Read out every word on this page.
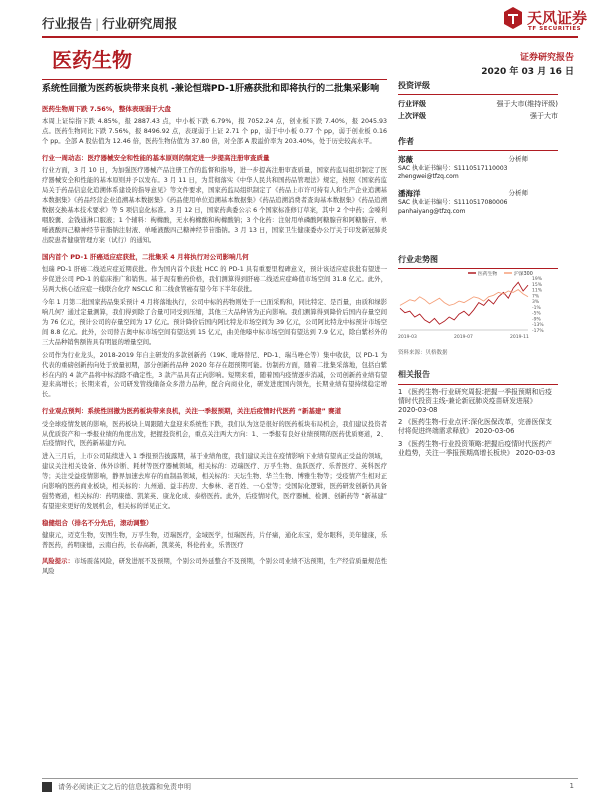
行业报告 | 行业研究周报	天风证券
TF SECURITIES
医药生物	证券研究报告
2020 年 03 月 16 日
系统性回撤为医药板块带来良机 -兼论恒瑞PD-1肝癌获批和即将执行的二批集采影响
医药生物周下跌 7.56%，整体表现弱于大盘
本周上证综指下跌 4.85%，报 2887.43 点，中小板下跌 6.79%，报 7052.24 点，创业板下跌 7.40%，报 2045.93 点。医药生物同比下跌 7.56%，报 8496.92 点，表现弱于上证 2.71 个 pp，弱于中小板 0.77 个 pp，弱于创业板 0.16 个 pp。全部 A 股估值为 12.46 倍，医药生物估值为 37.80 倍，对全部 A 股溢价率为 203.40%，处于历史较高水平。
行业一周动态：医疗器械安全和性能的基本原则的制定进一步提高注册审查质量
行业方面，3 月 10 日，为加强医疗器械产品注册工作的监督和指导，进一步提高注册审查质量，国家药监局组织制定了医疗器械安全和性能的基本原则并予以发布。3 月 11 日，为贯彻落实《中华人民共和国药品管理法》规定，按照《国家药监局关于药品信息化追溯体系建设的指导意见》等文件要求，国家药监局组织制定了《药品上市许可持有人和生产企业追溯基本数据集》《药品经营企业追溯基本数据集》《药品使用单位追溯基本数据集》《药品追溯消费者查询基本数据集》《药品追溯数据交换基本技术要求》等 5 项信息化标准。3 月 12 日，国家药典委公示 6 个国家标准修订草案，其中 2 个中药；金嗓利咽胶囊、金钱通淋口服液；1 个辅料：枸橼酸，无水枸橼酸和枸橼酸钠；3 个化药：注射用单磷酸阿糖腺苷和阿糖腺苷、单唾液酸四己糖神经节苷脂钠注射液、单唾液酸四己糖神经节苷脂钠。3 月 13 日，国家卫生健康委办公厅关于印发新冠肺炎出院患者健康管理方案（试行）的通知。
国内首个 PD-1 肝癌适应症获批，二批集采 4 月将执行对公司影响几何
恒瑞 PD-1 肝癌二线适应症近期获批。作为国内首个获批 HCC 的 PD-1 具有重要里程碑意义，预计该适应症获批有望进一步促进公司 PD-1 的临床推广和销售。基于现有雅药价格，我们测算得到肝癌二线适应症峰值市场空间 31.8 亿元。此外，另两大核心适应症一线联合化疗 NSCLC 和二线食管癌有望今年下半年获批。
今年 1 月第二批国家药品集采预计 4 月将落地执行，公司中标的药物则处于一已面采购和，同比特定、是百量，由质和绿影响几何？通过定量测算，我们得到除了合量可同受到压缩，其他三大品种皆为正向影响。我们测算得到降价后国内存量空间为 76 亿元，预计公司的存量空间为 17 亿元。预计降价后国内阿比特龙市场空间为 39 亿元，公司阿比特龙中标预计市场空间 8.8 亿元。此外，公司替吉奥中标市场空间有望达到 15 亿元，曲美他嗪中标市场空间有望达到 7.9 亿元，除白紫杉外的三大品种销售额皆具有明显的增量空间。
公司作为行业龙头，2018-2019 年自主研发的多款创新药（19K、吡咯替尼、PD-1、瑞马唑仑等）集中收获，以 PD-1 为代表的重磅创新药向处于放量初期，部分创新药品种 2020 年存在超预期可能。仿制药方面，随着二批集采落地，包括白紫杉在内的 4 款产品将中标消除不确定性，3 款产品具有正向影响。短期来看，随着国内疫情逐步消减，公司创新药业绩有望迎来高增长；长期来看，公司研发管线储备众多潜力品种，配合向商业化，研发进度国内领先，长期业绩有望持续稳定增长。
行业观点预判：系统性回撤为医药板块带来良机，关注一季报预期，关注后疫情时代医药 “新基建” 赛道
受全球疫情发展的影响，医药板块上周跟随大盘迎来系统性下跌，我们认为这是很好的医药板块布局机会，我们建议投资者从优质资产和一季报业绩的角度出发，把握投资机会，重点关注两大方向：1、一季报有良好业绩预期的医药优质赛道，2、后疫情时代，医药新基建方向。
进入三月后，上市公司陆续进入 1 季报预告披露期，基于业绩角度，我们建议关注在疫情影响下业绩有望真正受益的领域，建议关注相关设备、体外诊断、耗材等医疗器械领域，相关标的：迈瑞医疗、万孚生物、鱼跃医疗、乐普医疗、英科医疗等；关注受益疫情影响，静界加速去库存的血制品领域，相关标的：天坛生物、华兰生物、博雅生物等；受疫情产生相对正向影响的医药商业板块，相关标的：九州通、益丰药房、大参林、老百姓、一心堂等；受国际化逻辑，医药研发创新仍具备强势赛道，相关标的：药明康德、凯莱英、康龙化成、泰格医药。此外，后疫情时代，医疗器械、检测、创新药等 “新基建” 有望迎来更好的发展机会，相关标的详见正文。
稳健组合（排名不分先后，滚动调整）
健康元，迈克生物，安图生物，万孚生物，迈瑞医疗，金域医学，恒瑞医药，片仔癀，通化东宝，爱尔眼科，美年健康，乐普医药，药明康德，云南白药，长春高新，凯莱英，科伦药业，乐普医疗
风险提示：市场震荡风险，研发进展不及预期，个别公司外延整合不及预期，个别公司业绩不达预期，生产经营质量规范性风险
投资评级
行业评级	强于大市(维持评级)
上次评级	强于大市
作者
郑薇	分析师
SAC 执业证书编号：S1110517110003
zhengwei@tfzq.com
潘海洋	分析师
SAC 执业证书编号：S1110517080006
panhaiyang@tfzq.com
行业走势图
19%
15%
11%
7%
3%
-1%
-5%
-9%
-13%
-17%
2019-03	2019-07	2019-11
医药生物	沪深300
资料来源：贝格数据
相关报告
1 《医药生物-行业研究周报:把握一季报预期和后疫情时代投资主线-兼论新冠肺炎疫苗研发进展》 2020-03-08
2 《医药生物-行业点评:深化医保改革，完善医保支付将促进终端需求释放》 2020-03-06
3 《医药生物-行业投资策略:把握后疫情时代医药产业趋势，关注一季报预期高增长板块》 2020-03-03
请务必阅读正文之后的信息披露和免责申明	1
